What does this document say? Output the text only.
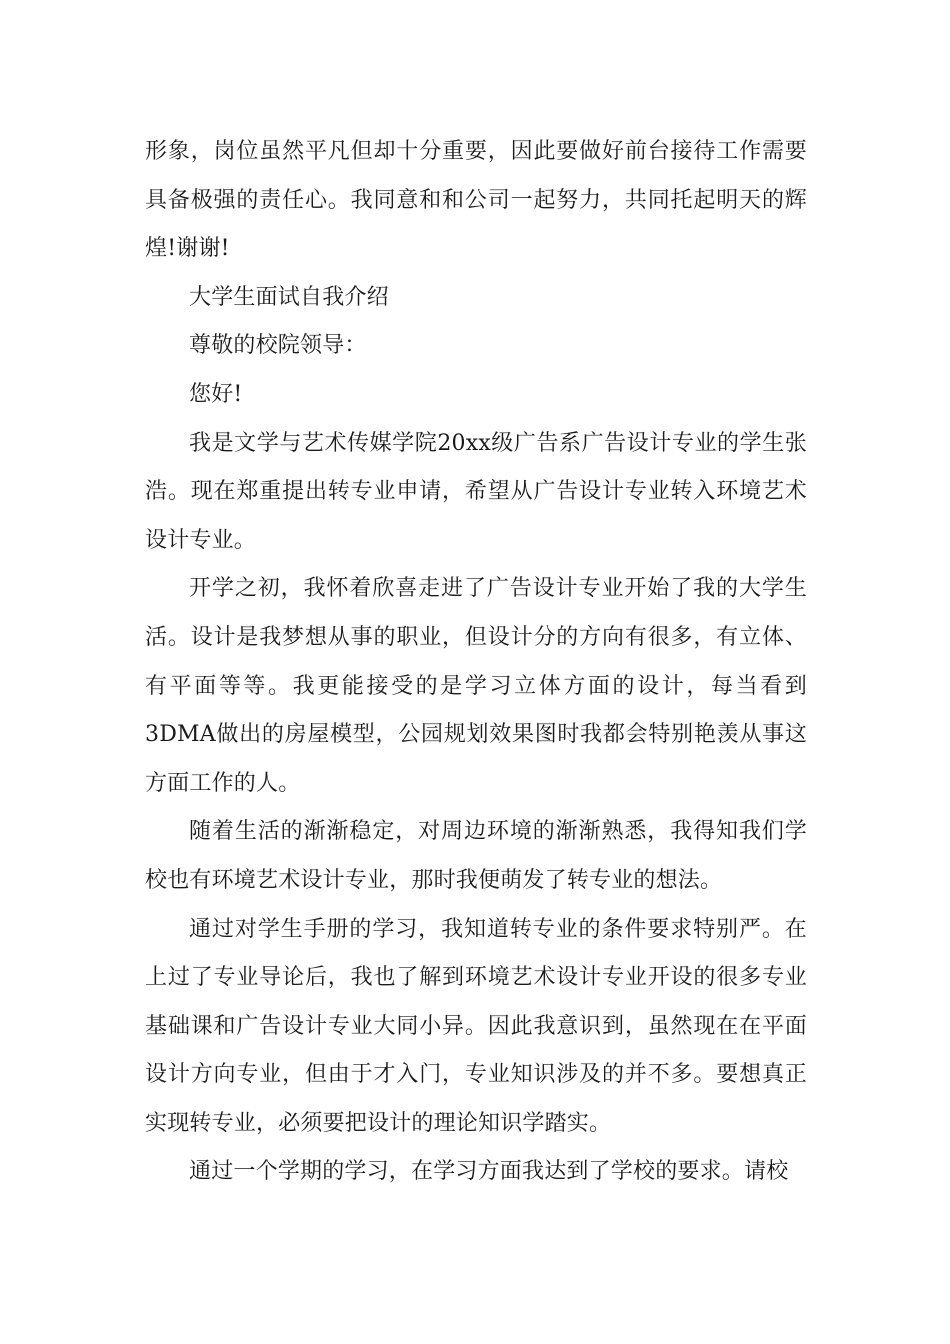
形象，岗位虽然平凡但却十分重要，因此要做好前台接待工作需要具备极强的责任心。我同意和和公司一起努力，共同托起明天的辉煌!谢谢!

大学生面试自我介绍

尊敬的校院领导：

您好!

我是文学与艺术传媒学院20xx级广告系广告设计专业的学生张浩。现在郑重提出转专业申请，希望从广告设计专业转入环境艺术设计专业。

开学之初，我怀着欣喜走进了广告设计专业开始了我的大学生活。设计是我梦想从事的职业，但设计分的方向有很多，有立体、有平面等等。我更能接受的是学习立体方面的设计，每当看到3DMA做出的房屋模型，公园规划效果图时我都会特别艳羡从事这方面工作的人。

随着生活的渐渐稳定，对周边环境的渐渐熟悉，我得知我们学校也有环境艺术设计专业，那时我便萌发了转专业的想法。

通过对学生手册的学习，我知道转专业的条件要求特别严。在上过了专业导论后，我也了解到环境艺术设计专业开设的很多专业基础课和广告设计专业大同小异。因此我意识到，虽然现在在平面设计方向专业，但由于才入门，专业知识涉及的并不多。要想真正实现转专业，必须要把设计的理论知识学踏实。

通过一个学期的学习，在学习方面我达到了学校的要求。请校
